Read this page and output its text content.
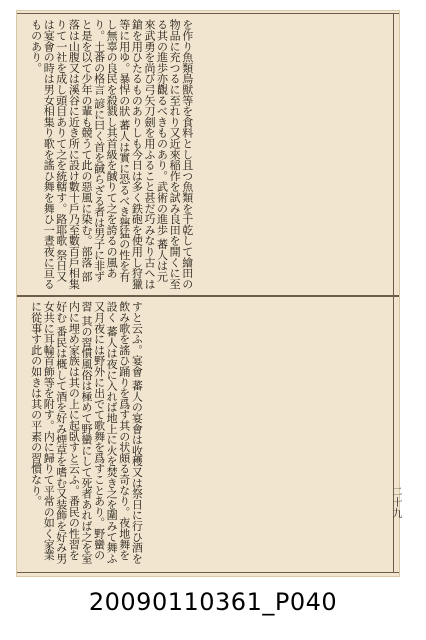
を作り魚類鳥獣等を食料とし且つ魚類を干乾して繪田の物品に充つるに至れり又近來稲作を試み良田を開くに至る其の進歩亦觀るべきものあり。武術の進歩 蕃人は元來武勇を尚び弓矢刀劍を用ふること甚だ巧みなり古へは鎗を用ひたるものありしも今日は多く鉄砲を使用し狩獵等に用ゆ。暴悍の狀 蕃人は實に恐るべき獰猛の性を有し無辜の良民を殺戮し其首級を馘りて之を誇るの風あり。土番の格言 諺に曰く首を馘らざる者は男子に非ずと是を以て少年の輩も競うて此の惡風に染む。部落 部落は山腹又は溪谷に近き所に設け數十戶乃至數百戶相集りて一社を成し頭目ありて之を統轄す。路耶歌 祭日又は宴會の時は男女相集り歌を謠ひ舞を舞ひ一晝夜に亘るものあり。
すと云ふ。宴會 蕃人の宴會は收穫又は祭日に行ひ酒を飲み歌を謠ひ踊りを爲す其の状頗る奇なり。夜地舞を設く 蕃人は夜に入れば地上に火を焚き之を圍みて舞ふ又月夜には野外に出でて歌舞を爲すことあり。野蠻の習 其の習慣風俗は極めて野蠻にして死者あれば之を室内に埋め家族は其の上に起臥すと云ふ。番民の性習を好む 番民は概して酒を好み煙草を嗜む又装飾を好み男女共に耳輪首飾等を附す。内に歸りて平常の如く家業に從事す此の如きは其の平素の習慣なり。	二十九
20090110361_P040
